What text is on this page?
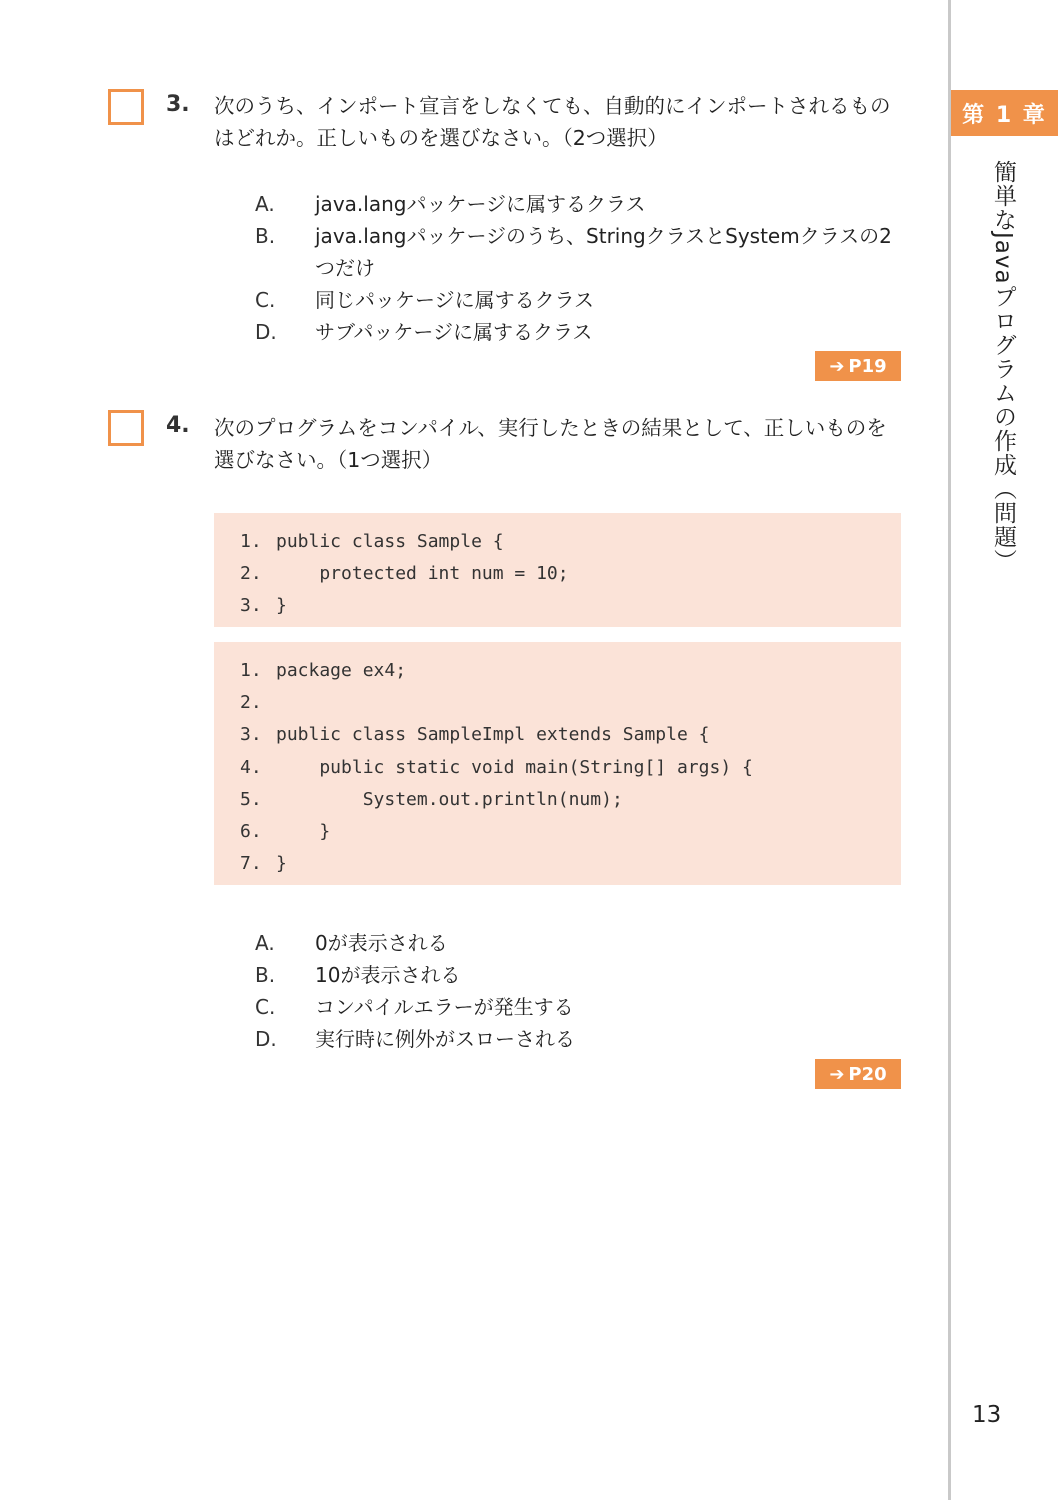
第 1 章
簡単なJavaプログラムの作成（問題）
13
3. 次のうち、インポート宣言をしなくても、自動的にインポートされるものはどれか。正しいものを選びなさい。（2つ選択）
A.	java.langパッケージに属するクラス
B.	java.langパッケージのうち、StringクラスとSystemクラスの2つだけ
C.	同じパッケージに属するクラス
D.	サブパッケージに属するクラス
➔ P19
4. 次のプログラムをコンパイル、実行したときの結果として、正しいものを選びなさい。（1つ選択）
1. public class Sample {
2. protected int num = 10;
3. }
1. package ex4;
2.
3. public class SampleImpl extends Sample {
4. public static void main(String[] args) {
5. System.out.println(num);
6. }
7. }
A.	0が表示される
B.	10が表示される
C.	コンパイルエラーが発生する
D.	実行時に例外がスローされる
➔ P20
